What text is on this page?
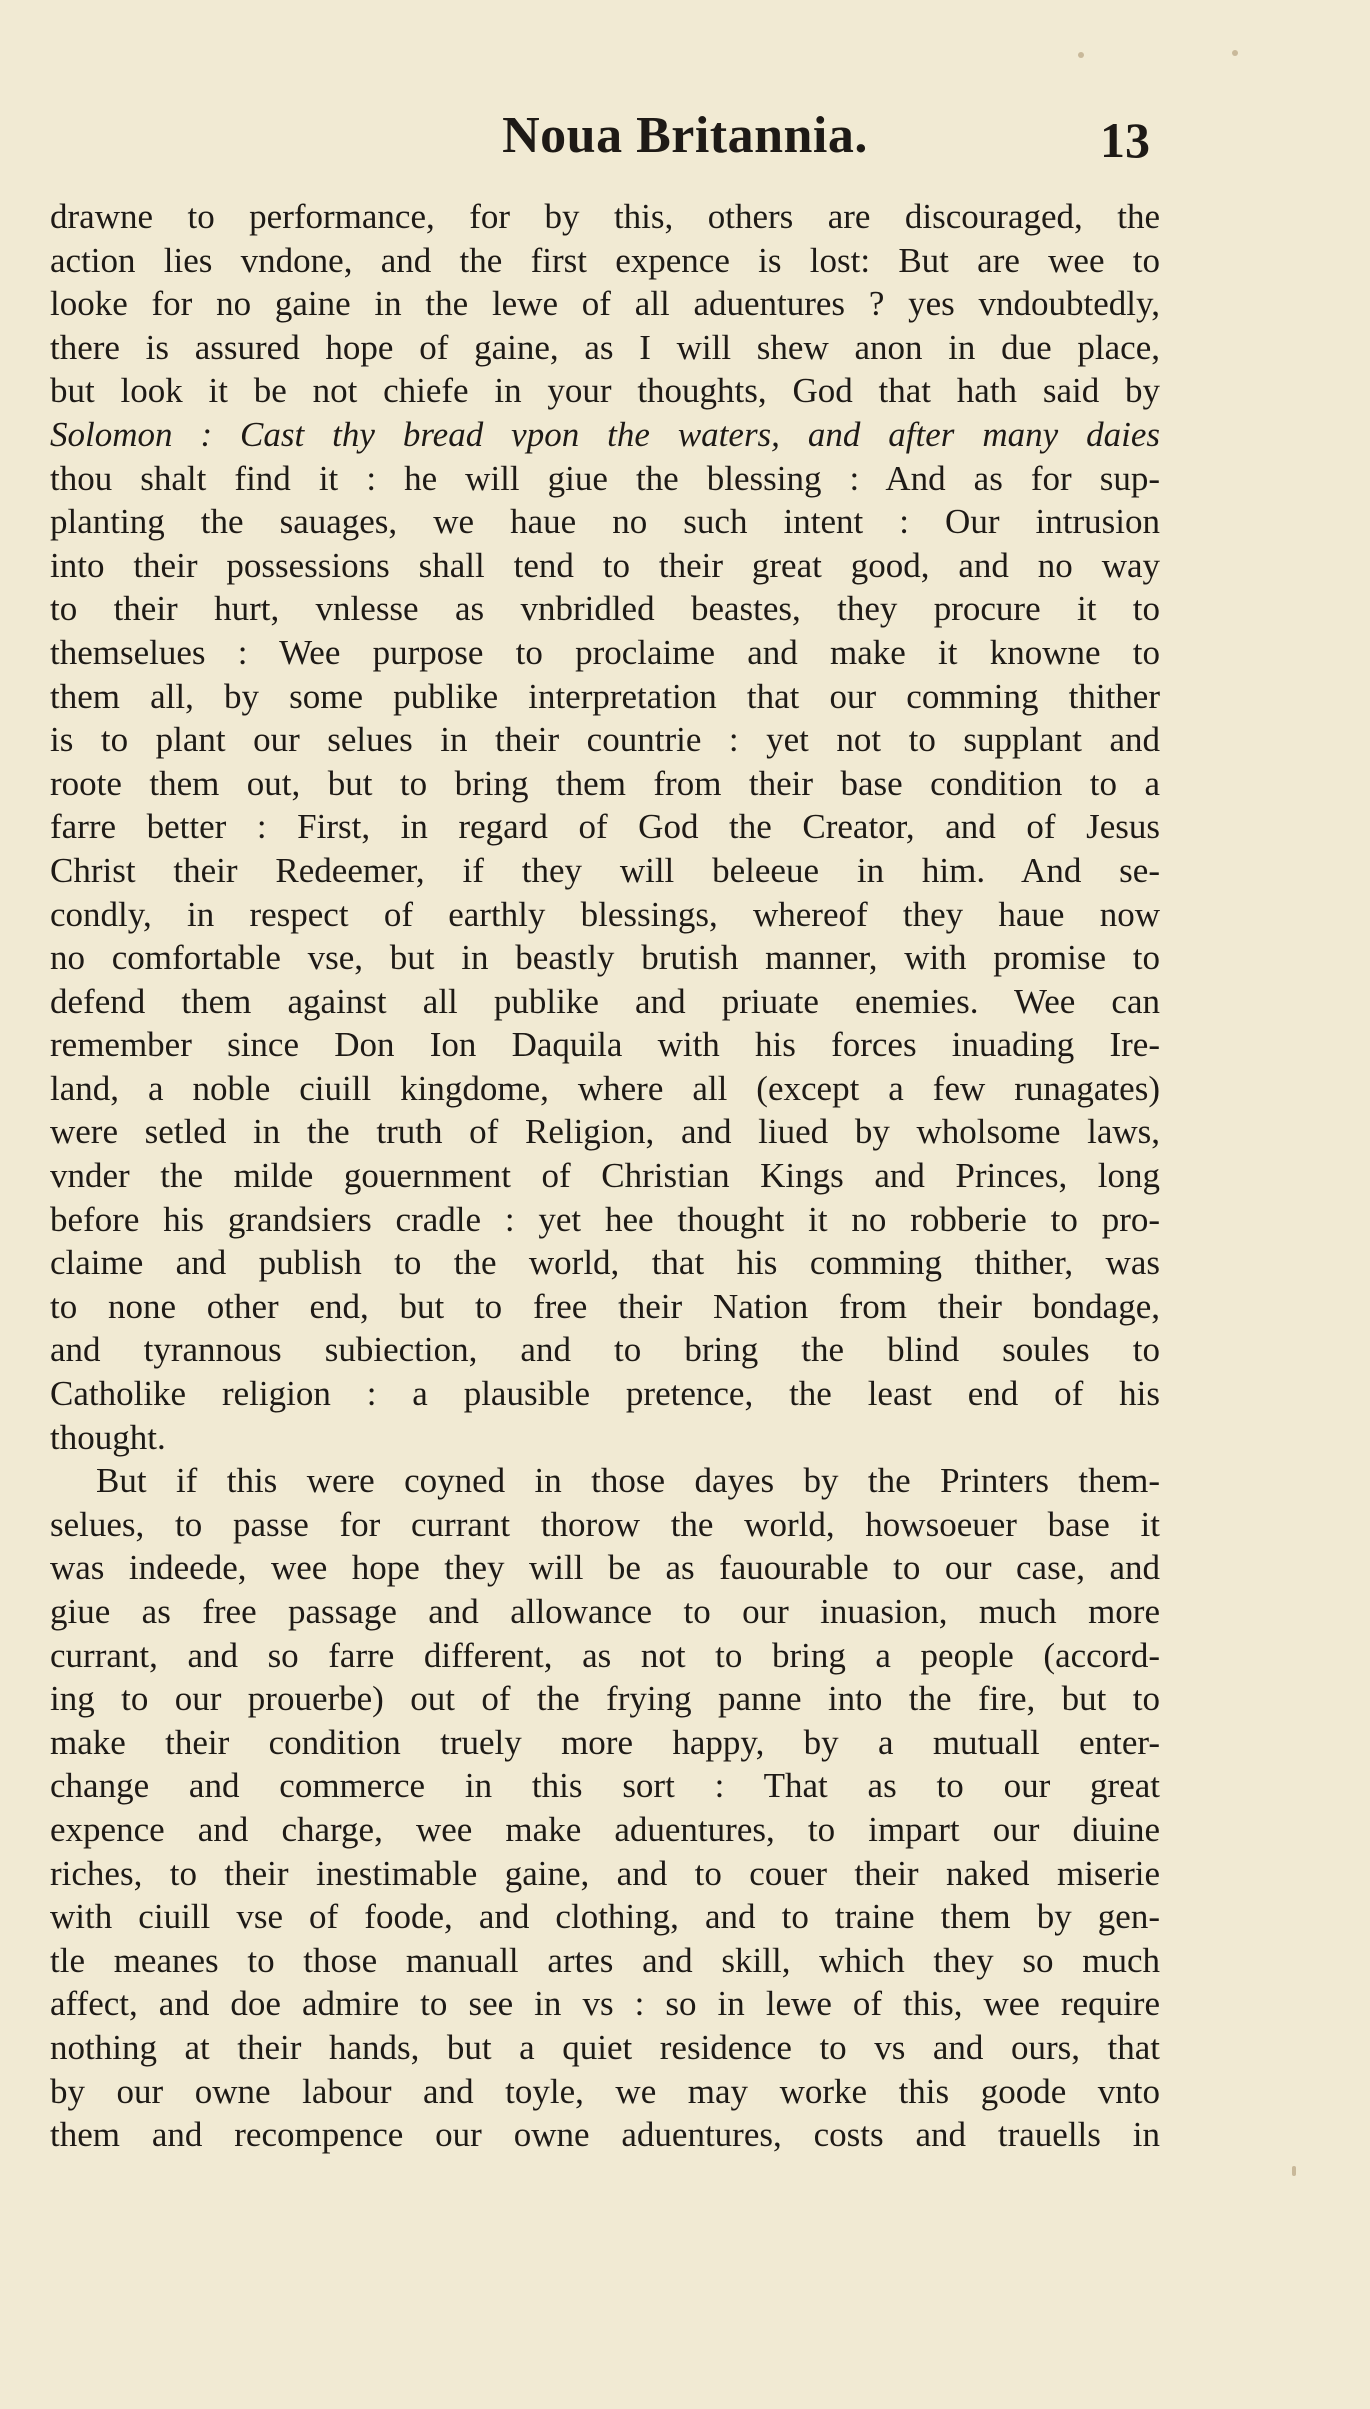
Noua Britannia.	13
drawne to performance, for by this, others are discouraged, the
action lies vndone, and the first expence is lost: But are wee to
looke for no gaine in the lewe of all aduentures ? yes vndoubtedly,
there is assured hope of gaine, as I will shew anon in due place,
but look it be not chiefe in your thoughts, God that hath said by
Solomon : Cast thy bread vpon the waters, and after many daies
thou shalt find it : he will giue the blessing : And as for sup-
planting the sauages, we haue no such intent : Our intrusion
into their possessions shall tend to their great good, and no way
to their hurt, vnlesse as vnbridled beastes, they procure it to
themselues : Wee purpose to proclaime and make it knowne to
them all, by some publike interpretation that our comming thither
is to plant our selues in their countrie : yet not to supplant and
roote them out, but to bring them from their base condition to a
farre better : First, in regard of God the Creator, and of Jesus
Christ their Redeemer, if they will beleeue in him. And se-
condly, in respect of earthly blessings, whereof they haue now
no comfortable vse, but in beastly brutish manner, with promise to
defend them against all publike and priuate enemies. Wee can
remember since Don Ion Daquila with his forces inuading Ire-
land, a noble ciuill kingdome, where all (except a few runagates)
were setled in the truth of Religion, and liued by wholsome laws,
vnder the milde gouernment of Christian Kings and Princes, long
before his grandsiers cradle : yet hee thought it no robberie to pro-
claime and publish to the world, that his comming thither, was
to none other end, but to free their Nation from their bondage,
and tyrannous subiection, and to bring the blind soules to
Catholike religion : a plausible pretence, the least end of his
thought.
But if this were coyned in those dayes by the Printers them-
selues, to passe for currant thorow the world, howsoeuer base it
was indeede, wee hope they will be as fauourable to our case, and
giue as free passage and allowance to our inuasion, much more
currant, and so farre different, as not to bring a people (accord-
ing to our prouerbe) out of the frying panne into the fire, but to
make their condition truely more happy, by a mutuall enter-
change and commerce in this sort : That as to our great
expence and charge, wee make aduentures, to impart our diuine
riches, to their inestimable gaine, and to couer their naked miserie
with ciuill vse of foode, and clothing, and to traine them by gen-
tle meanes to those manuall artes and skill, which they so much
affect, and doe admire to see in vs : so in lewe of this, wee require
nothing at their hands, but a quiet residence to vs and ours, that
by our owne labour and toyle, we may worke this goode vnto
them and recompence our owne aduentures, costs and trauells in
